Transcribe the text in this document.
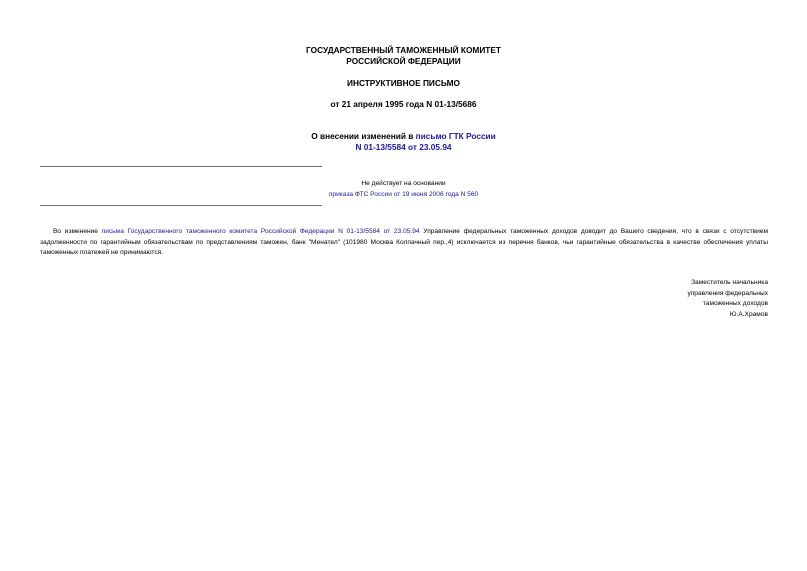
ГОСУДАРСТВЕННЫЙ ТАМОЖЕННЫЙ КОМИТЕТ
РОССИЙСКОЙ ФЕДЕРАЦИИ
ИНСТРУКТИВНОЕ ПИСЬМО
от 21 апреля 1995 года N 01-13/5686
О внесении изменений в письмо ГТК России
N 01-13/5584 от 23.05.94
Не действует на основании
приказа ФТС России от 19 июня 2006 года N 560

Во изменение письма Государственного таможенного комитета Российской Федерации N 01-13/5584 от 23.05.94 Управление федеральных таможенных доходов доводит до Вашего сведения, что в связи с отсутствием задолженности по гарантийным обязательствам по представлениям таможен, банк "Менател" (101980 Москва Колпачный пер.,4) исключается из перечня банков, чьи гарантийные обязательства в качестве обеспечения уплаты таможенных платежей не принимаются.

Заместитель начальника
управления федеральных
таможенных доходов
Ю.А.Храмов
